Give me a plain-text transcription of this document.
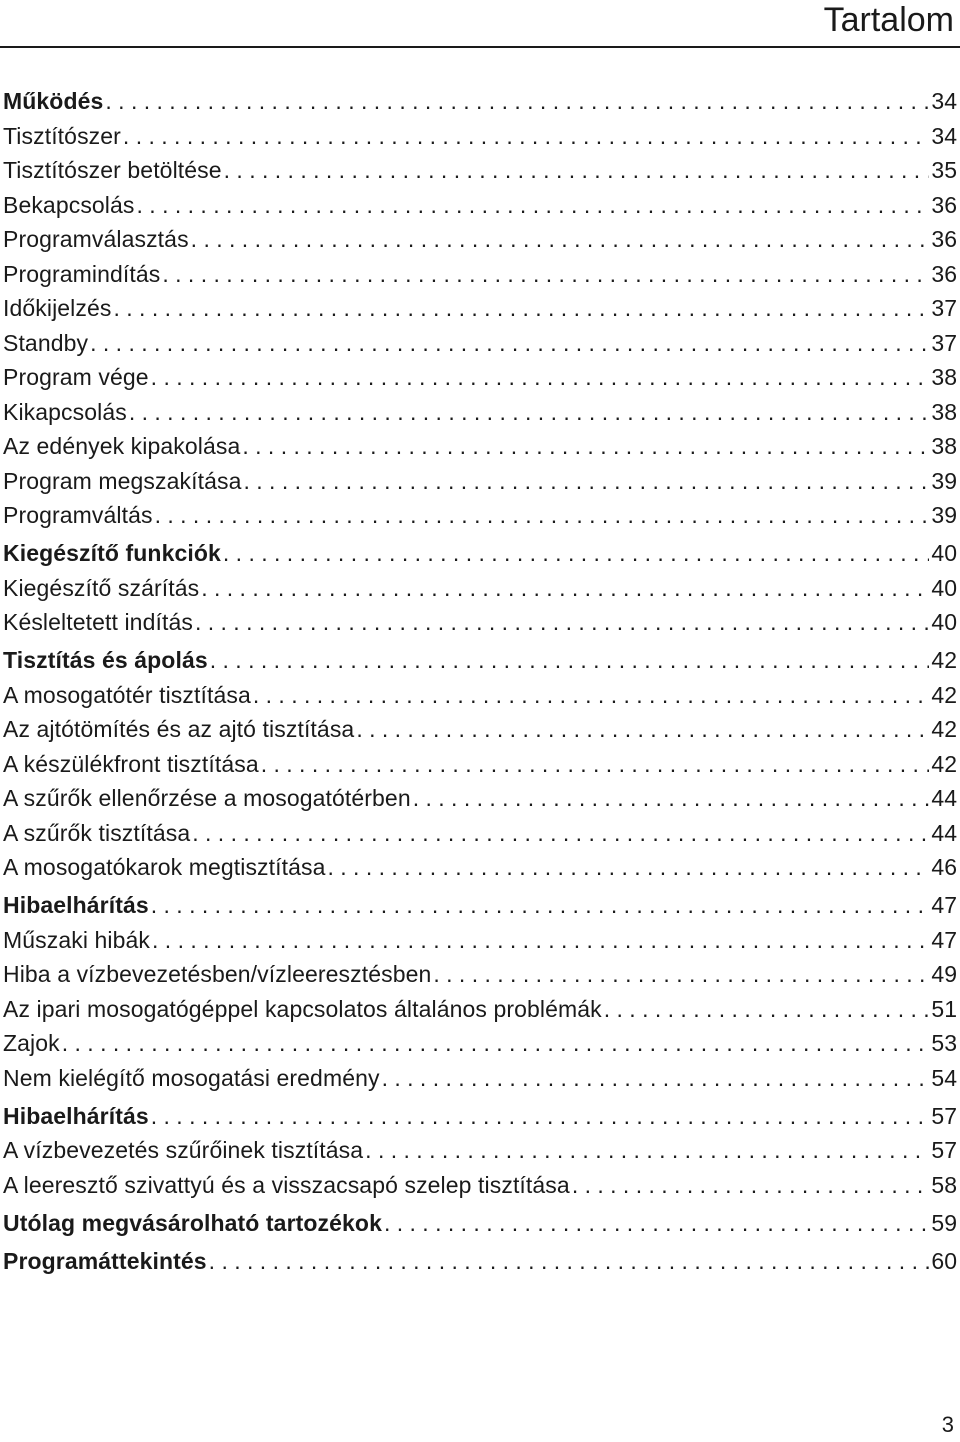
Tartalom
Működés . . .	34
Tisztítószer . . .	34
Tisztítószer betöltése . . .	35
Bekapcsolás . . .	36
Programválasztás . . .	36
Programindítás . . .	36
Időkijelzés . . .	37
Standby . . .	37
Program vége . . .	38
Kikapcsolás . . .	38
Az edények kipakolása . . .	38
Program megszakítása . . .	39
Programváltás . . .	39
Kiegészítő funkciók . . .	40
Kiegészítő szárítás . . .	40
Késleltetett indítás . . .	40
Tisztítás és ápolás . . .	42
A mosogatótér tisztítása . . .	42
Az ajtótömítés és az ajtó tisztítása . . .	42
A készülékfront tisztítása . . .	42
A szűrők ellenőrzése a mosogatótérben . . .	44
A szűrők tisztítása . . .	44
A mosogatókarok megtisztítása . . .	46
Hibaelhárítás . . .	47
Műszaki hibák . . .	47
Hiba a vízbevezetésben/vízleeresztésben . . .	49
Az ipari mosogatógéppel kapcsolatos általános problémák . . .	51
Zajok . . .	53
Nem kielégítő mosogatási eredmény . . .	54
Hibaelhárítás . . .	57
A vízbevezetés szűrőinek tisztítása . . .	57
A leeresztő szivattyú és a visszacsapó szelep tisztítása . . .	58
Utólag megvásárolható tartozékok . . .	59
Programáttekintés . . .	60
3
